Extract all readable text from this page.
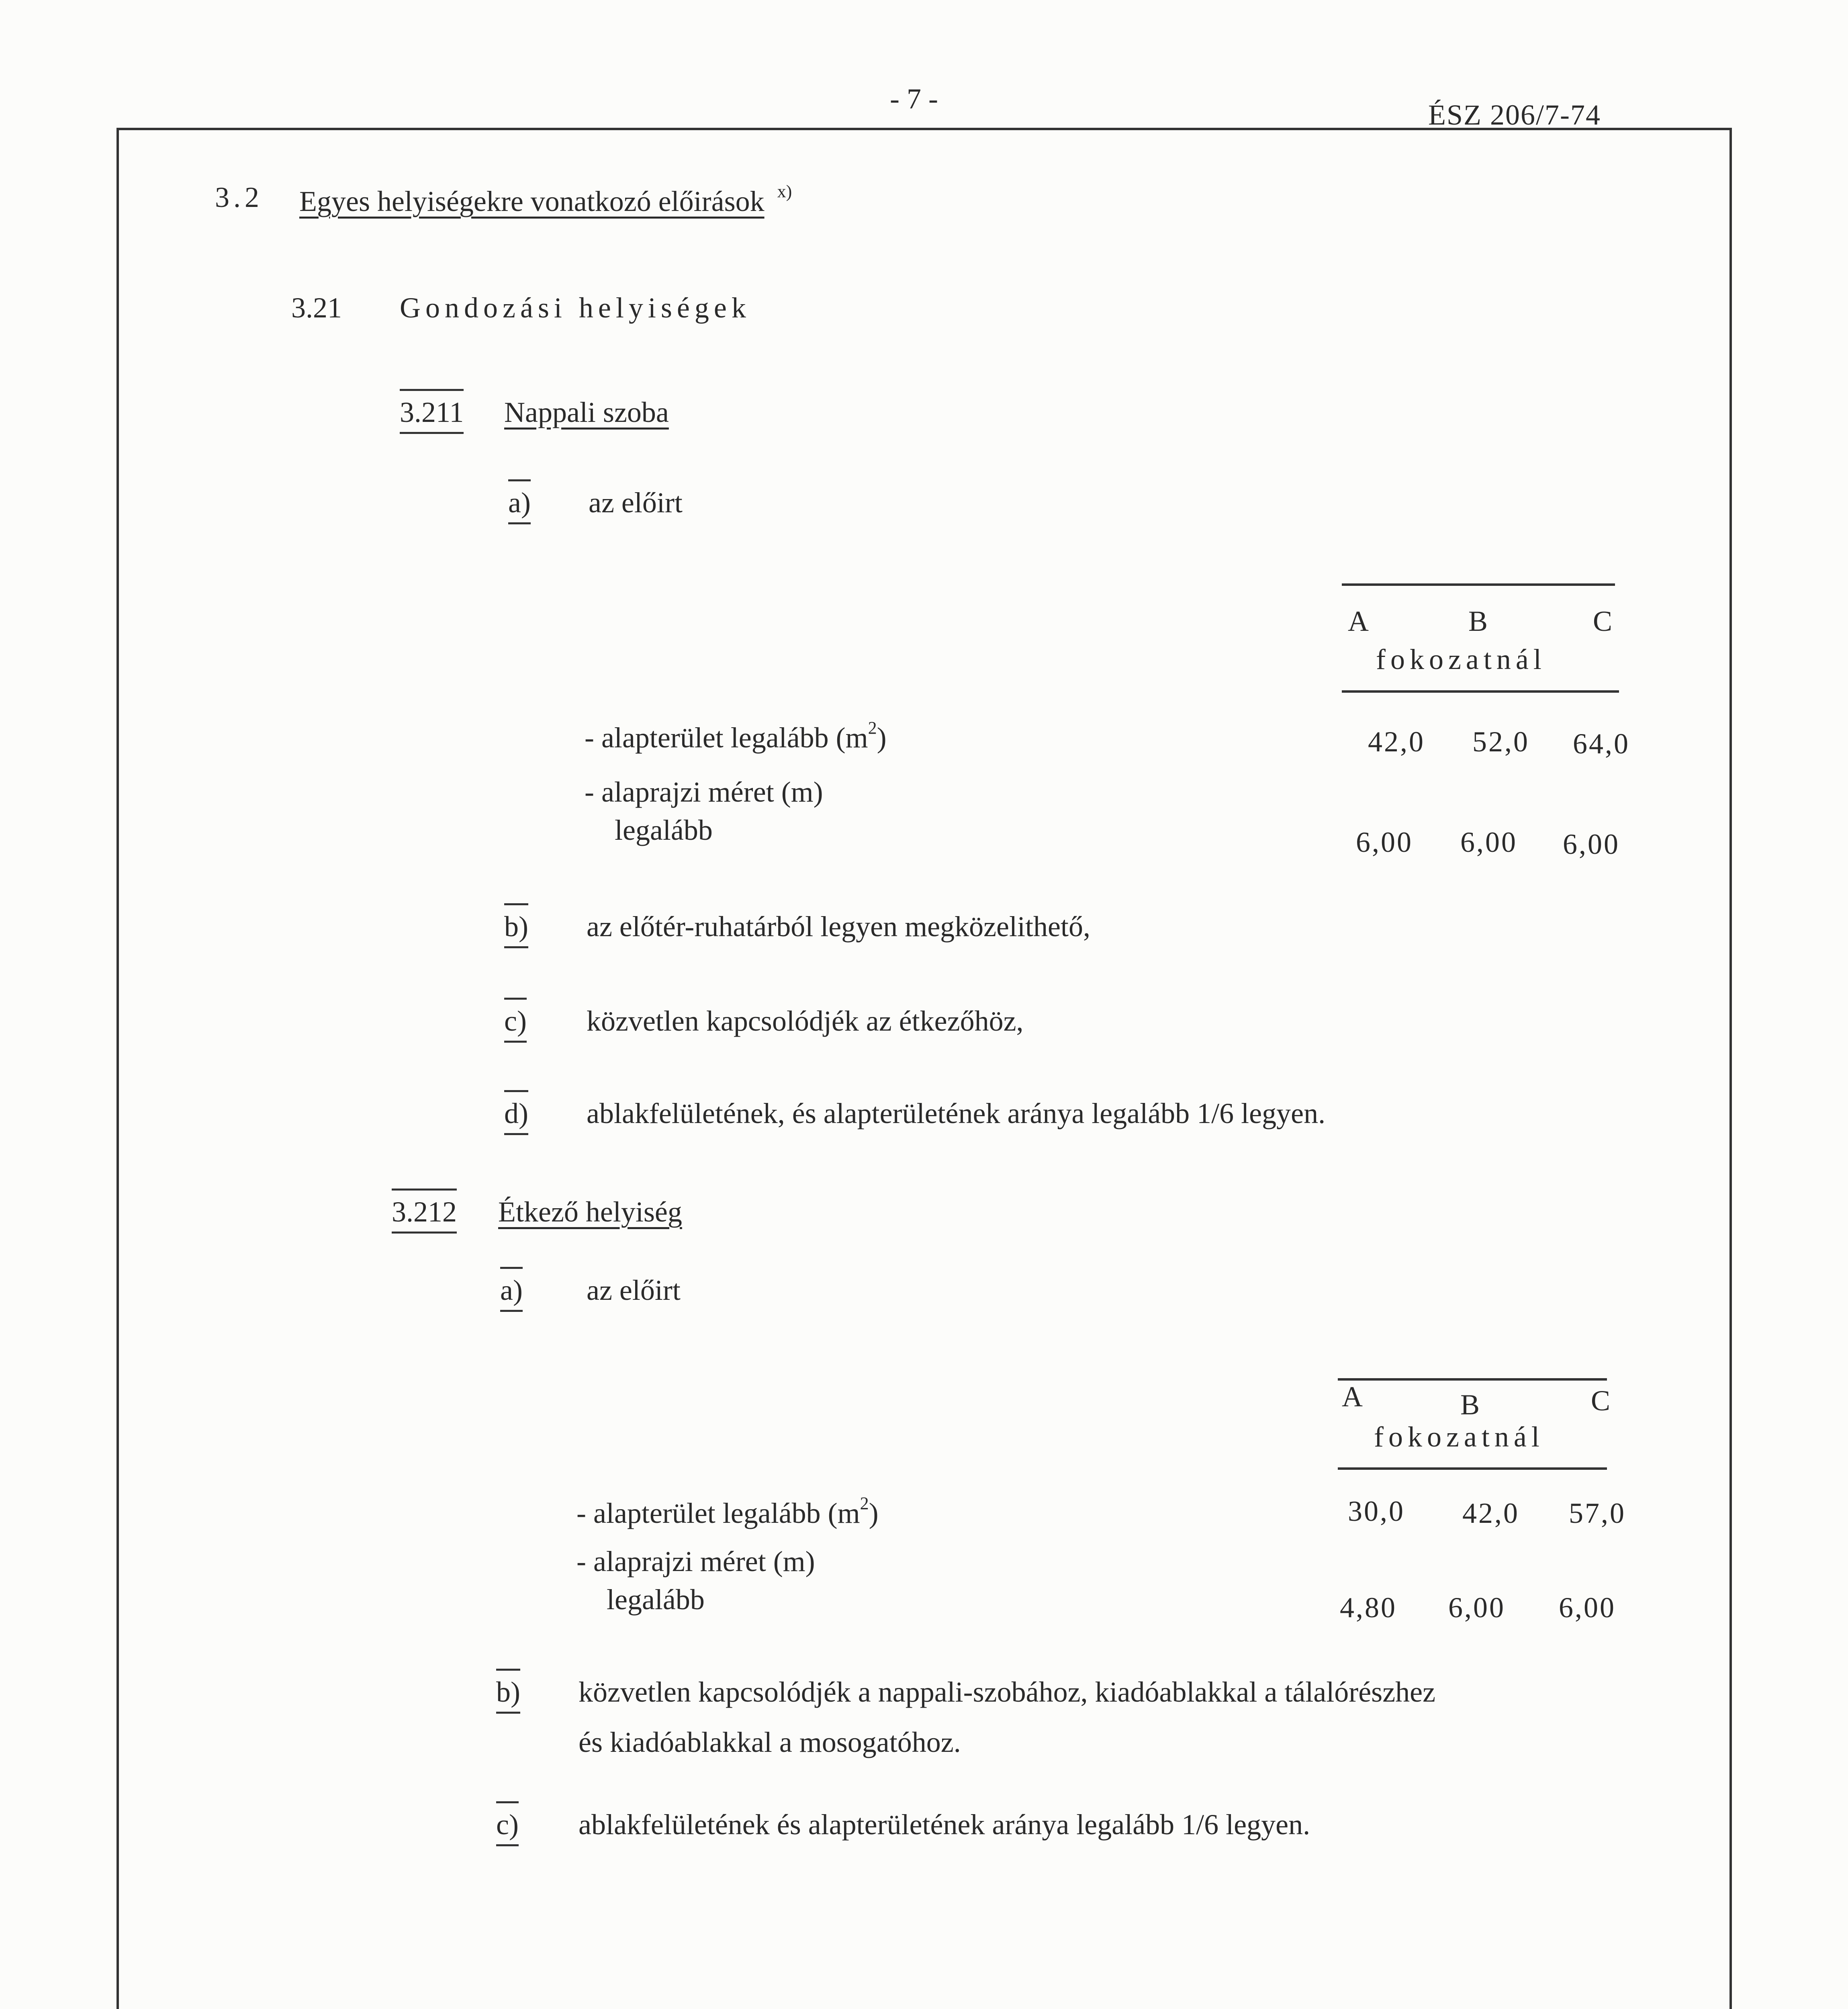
- 7 -	ÉSZ 206/7-74
3.2 Egyes helyiségekre vonatkozó előirások $^{x)}$
3.21 Gondozási helyiségek
3.211 Nappali szoba
a) az előirt
A	B	C
fokozatnál
- alapterület legalább $(m^2)$	42,0 52,0 64,0
- alaprajzi méret (m)
legalább	6,00 6,00 6,00
b) az előtér-ruhatárból legyen megközelithető,
c) közvetlen kapcsolódjék az étkezőhöz,
d) ablakfelületének, és alapterületének aránya legalább 1/6 legyen.
3.212 Étkező helyiség
a) az előirt
A	B	C
fokozatnál
- alapterület legalább $(m^2)$	30,0 42,0 57,0
- alaprajzi méret (m)
legalább	4,80 6,00 6,00
b) közvetlen kapcsolódjék a nappali-szobához, kiadóablakkal a tálalórészhez
és kiadóablakkal a mosogatóhoz.
c) ablakfelületének és alapterületének aránya legalább 1/6 legyen.
